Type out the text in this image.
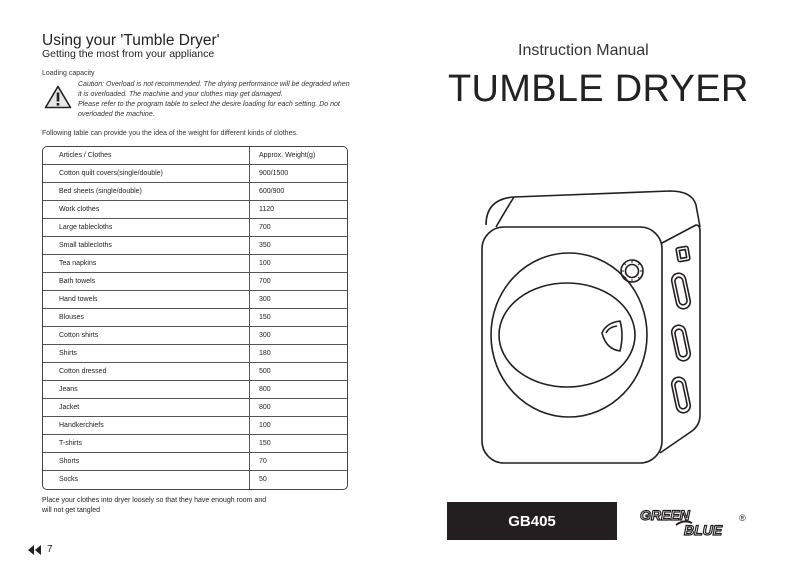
Using your 'Tumble Dryer'
Getting the most from your appliance
Loading capacity
Caution: Overload is not recommended. The drying performance will be degraded when
it is overloaded. The machine and your clothes may get damaged.
Please refer to the program table to select the desire loading for each setting. Do not
overloaded the machine.
Following table can provide you the idea of the weight for different kinds of clothes.
Articles / Clothes	Approx. Weight(g)
Cotton quilt covers(single/double)	900/1500
Bed sheets (single/double)	600/900
Work clothes	1120
Large tablecloths	700
Small tablecloths	350
Tea napkins	100
Bath towels	700
Hand towels	300
Blouses	150
Cotton shirts	300
Shirts	180
Cotton dressed	500
Jeans	800
Jacket	800
Handkerchiefs	100
T-shirts	150
Shorts	70
Socks	50
Place your clothes into dryer loosely so that they have enough room and
will not get tangled
7
Instruction Manual
TUMBLE DRYER
GB405	GREEN
BLUE
®
